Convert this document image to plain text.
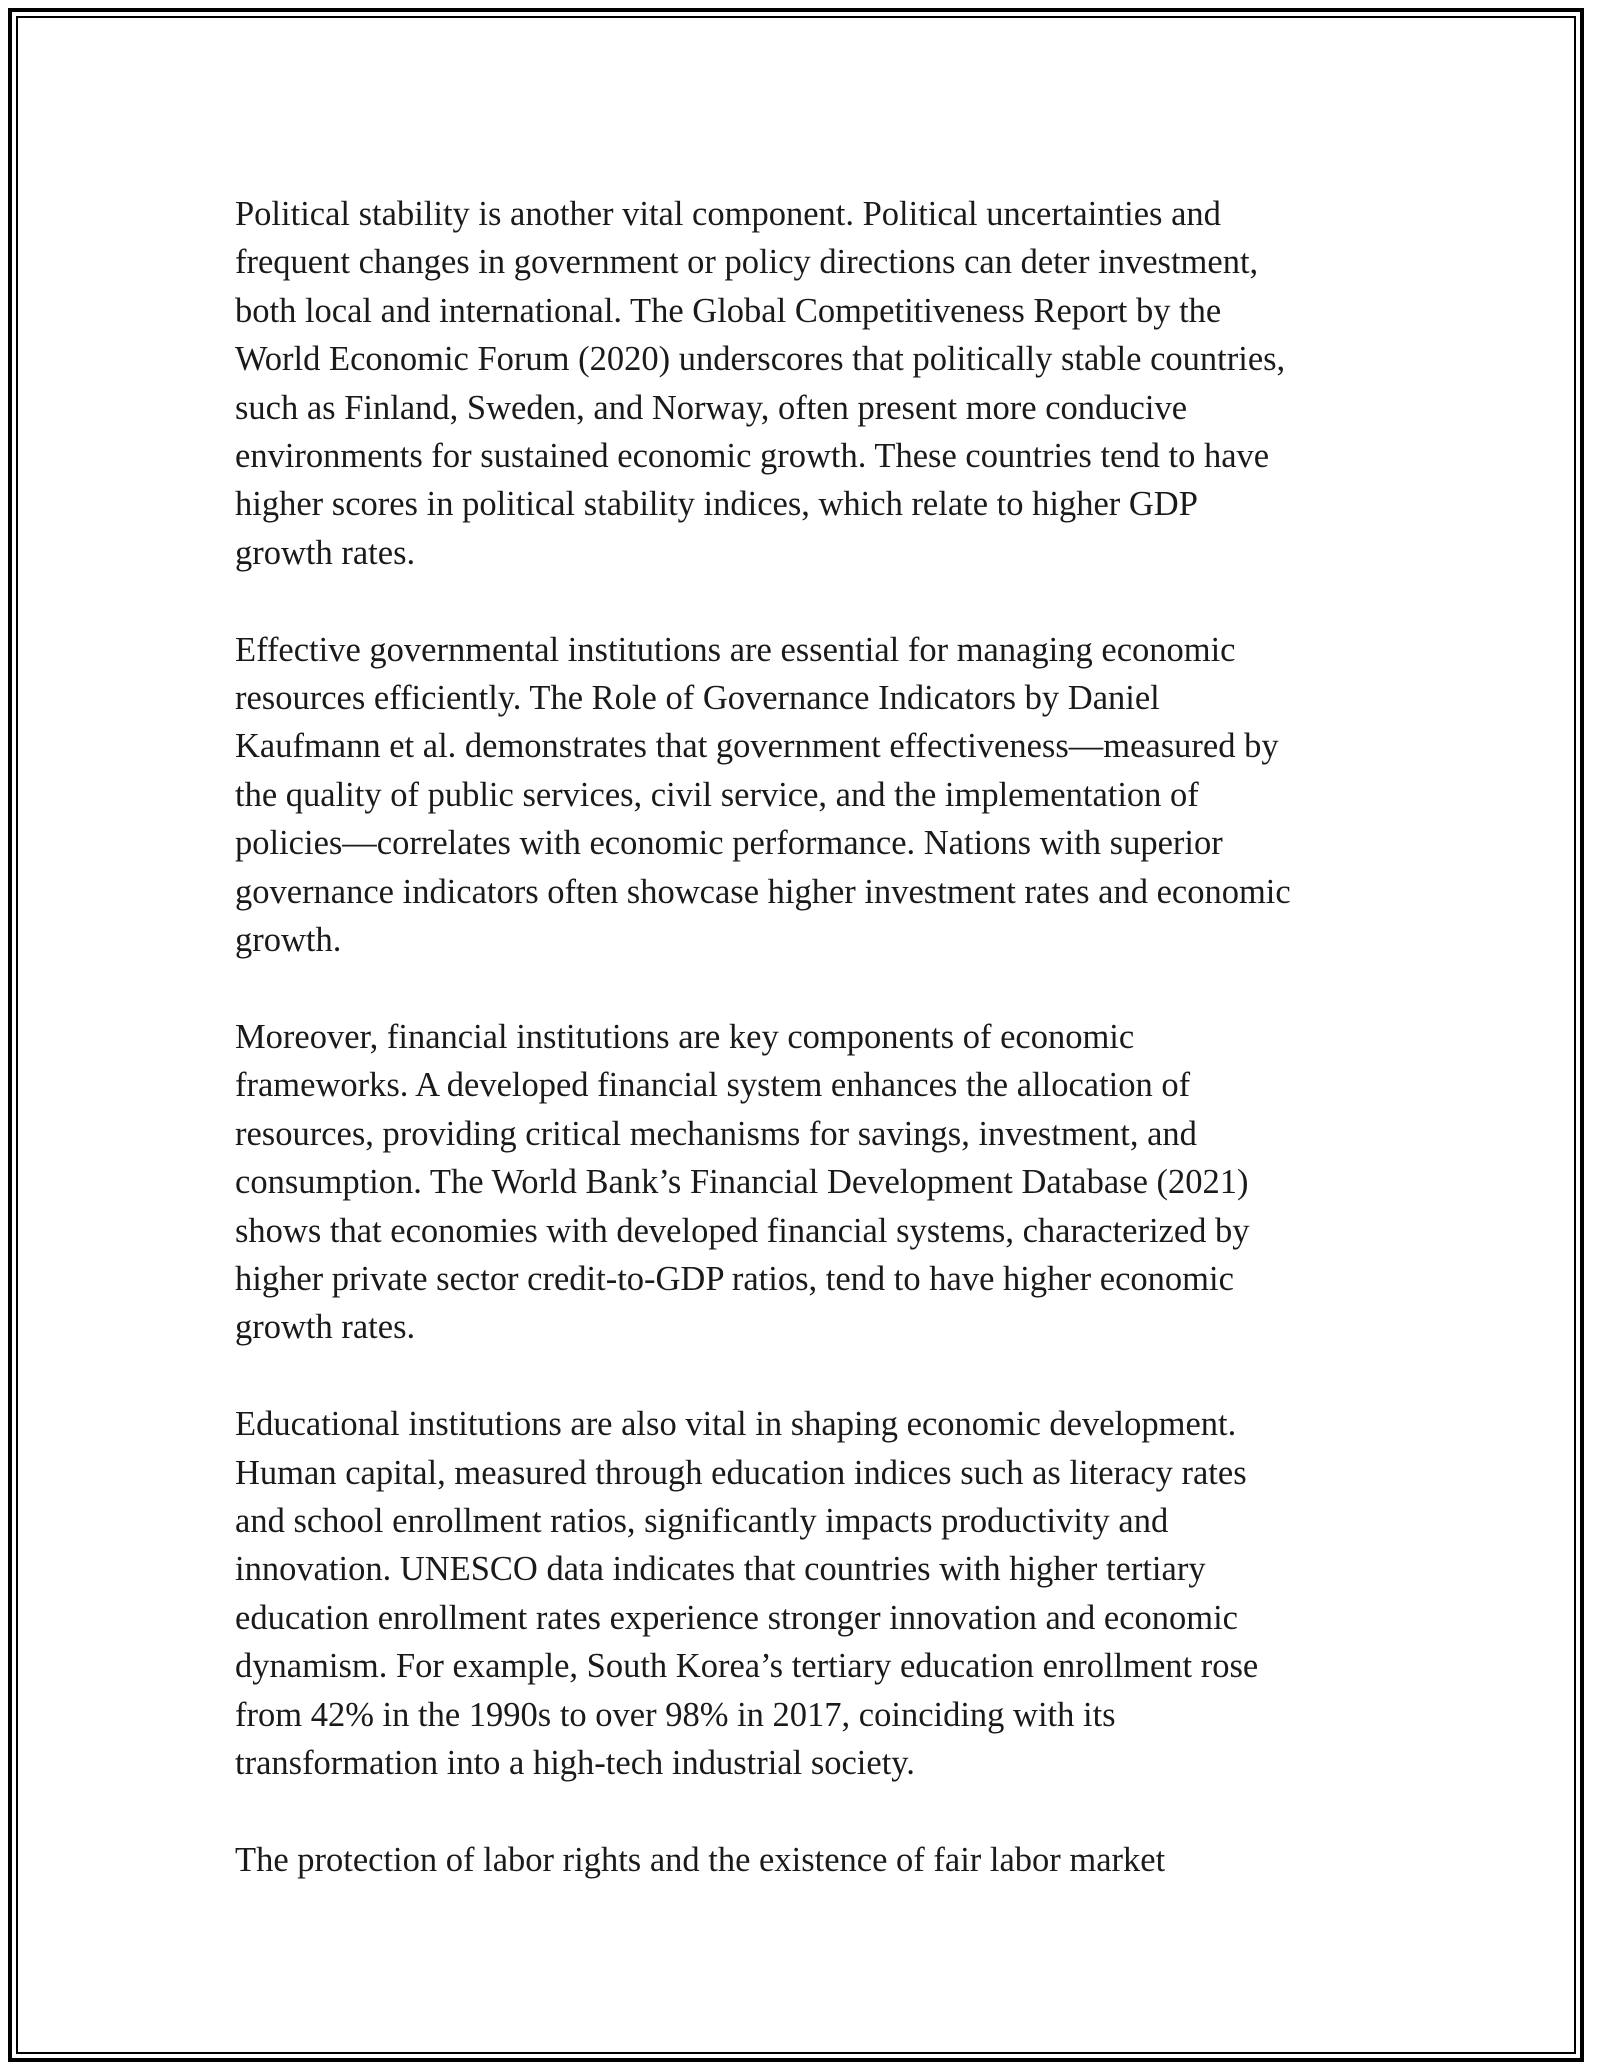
Political stability is another vital component. Political uncertainties and
frequent changes in government or policy directions can deter investment,
both local and international. The Global Competitiveness Report by the
World Economic Forum (2020) underscores that politically stable countries,
such as Finland, Sweden, and Norway, often present more conducive
environments for sustained economic growth. These countries tend to have
higher scores in political stability indices, which relate to higher GDP
growth rates.

Effective governmental institutions are essential for managing economic
resources efficiently. The Role of Governance Indicators by Daniel
Kaufmann et al. demonstrates that government effectiveness—measured by
the quality of public services, civil service, and the implementation of
policies—correlates with economic performance. Nations with superior
governance indicators often showcase higher investment rates and economic
growth.

Moreover, financial institutions are key components of economic
frameworks. A developed financial system enhances the allocation of
resources, providing critical mechanisms for savings, investment, and
consumption. The World Bank’s Financial Development Database (2021)
shows that economies with developed financial systems, characterized by
higher private sector credit-to-GDP ratios, tend to have higher economic
growth rates.

Educational institutions are also vital in shaping economic development.
Human capital, measured through education indices such as literacy rates
and school enrollment ratios, significantly impacts productivity and
innovation. UNESCO data indicates that countries with higher tertiary
education enrollment rates experience stronger innovation and economic
dynamism. For example, South Korea’s tertiary education enrollment rose
from 42% in the 1990s to over 98% in 2017, coinciding with its
transformation into a high-tech industrial society.

The protection of labor rights and the existence of fair labor market
